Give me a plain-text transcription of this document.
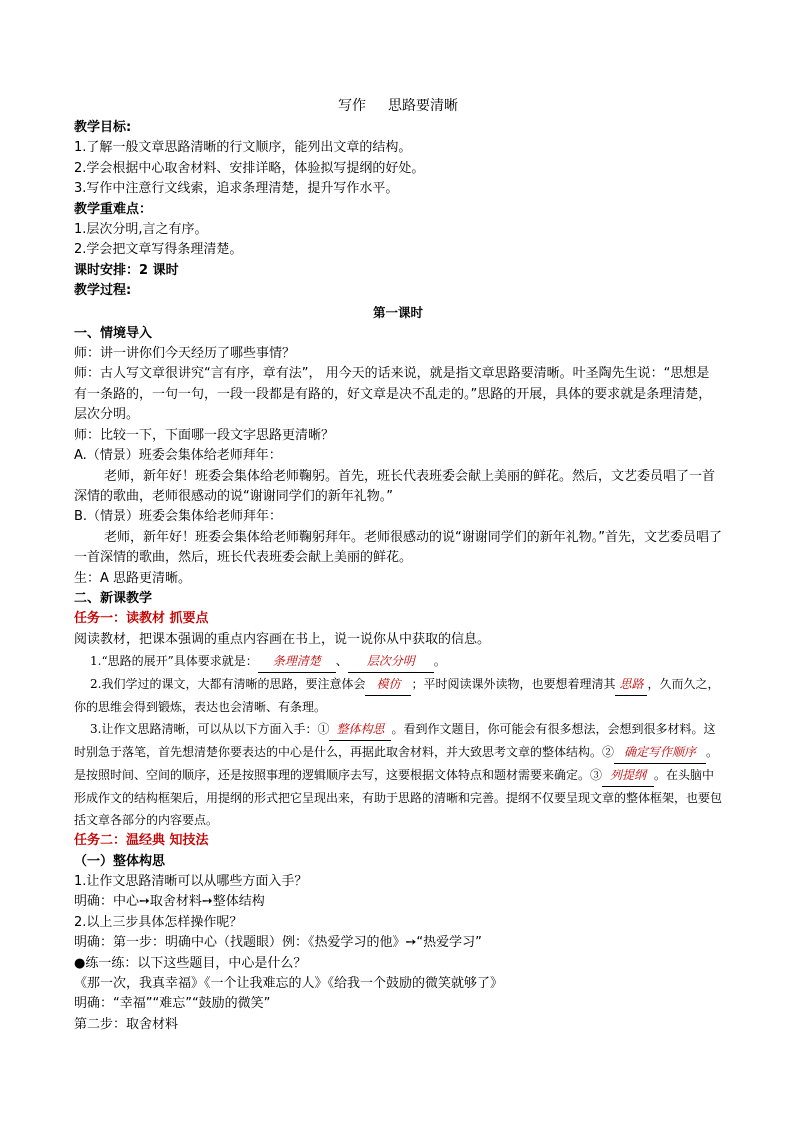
写作 思路要清晰
教学目标:
1.了解一般文章思路清晰的行文顺序，能列出文章的结构。
2.学会根据中心取舍材料、安排详略，体验拟写提纲的好处。
3.写作中注意行文线索，追求条理清楚，提升写作水平。
教学重难点：
1.层次分明,言之有序。
2.学会把文章写得条理清楚。
课时安排：2 课时
教学过程:
第一课时
一、情境导入
师：讲一讲你们今天经历了哪些事情？
师：古人写文章很讲究“言有序，章有法”， 用今天的话来说，就是指文章思路要清晰。叶圣陶先生说：“思想是有一条路的，一句一句，一段一段都是有路的，好文章是决不乱走的。”思路的开展，具体的要求就是条理清楚，层次分明。
师：比较一下，下面哪一段文字思路更清晰？
A.（情景）班委会集体给老师拜年：
老师，新年好！班委会集体给老师鞠躬。首先，班长代表班委会献上美丽的鲜花。然后，文艺委员唱了一首深情的歌曲，老师很感动的说“谢谢同学们的新年礼物。”
B.（情景）班委会集体给老师拜年：
老师，新年好！班委会集体给老师鞠躬拜年。老师很感动的说“谢谢同学们的新年礼物。”首先，文艺委员唱了一首深情的歌曲，然后，班长代表班委会献上美丽的鲜花。
生：A 思路更清晰。
二、新课教学
任务一：读教材 抓要点
阅读教材，把课本强调的重点内容画在书上，说一说你从中获取的信息。
1.“思路的展开”具体要求就是： 条理清楚 、 层次分明 。
2.我们学过的课文，大都有清晰的思路，要注意体会 模仿 ；平时阅读课外读物，也要想着理清其 思路 ，久而久之，你的思维会得到锻炼，表达也会清晰、有条理。
3.让作文思路清晰，可以从以下方面入手：① 整体构思 。看到作文题目，你可能会有很多想法，会想到很多材料。这时别急于落笔，首先想清楚你要表达的中心是什么，再据此取舍材料，并大致思考文章的整体结构。② 确定写作顺序 。是按照时间、空间的顺序，还是按照事理的逻辑顺序去写，这要根据文体特点和题材需要来确定。③ 列提纲 。在头脑中形成作文的结构框架后，用提纲的形式把它呈现出来，有助于思路的清晰和完善。提纲不仅要呈现文章的整体框架，也要包括文章各部分的内容要点。
任务二：温经典 知技法
（一）整体构思
1.让作文思路清晰可以从哪些方面入手？
明确：中心➙取舍材料➙整体结构
2.以上三步具体怎样操作呢？
明确：第一步：明确中心（找题眼）例：《热爱学习的他》➙“热爱学习”
●练一练：以下这些题目，中心是什么？
《那一次，我真幸福》《一个让我难忘的人》《给我一个鼓励的微笑就够了》
明确：“幸福”“难忘”“鼓励的微笑”
第二步：取舍材料
